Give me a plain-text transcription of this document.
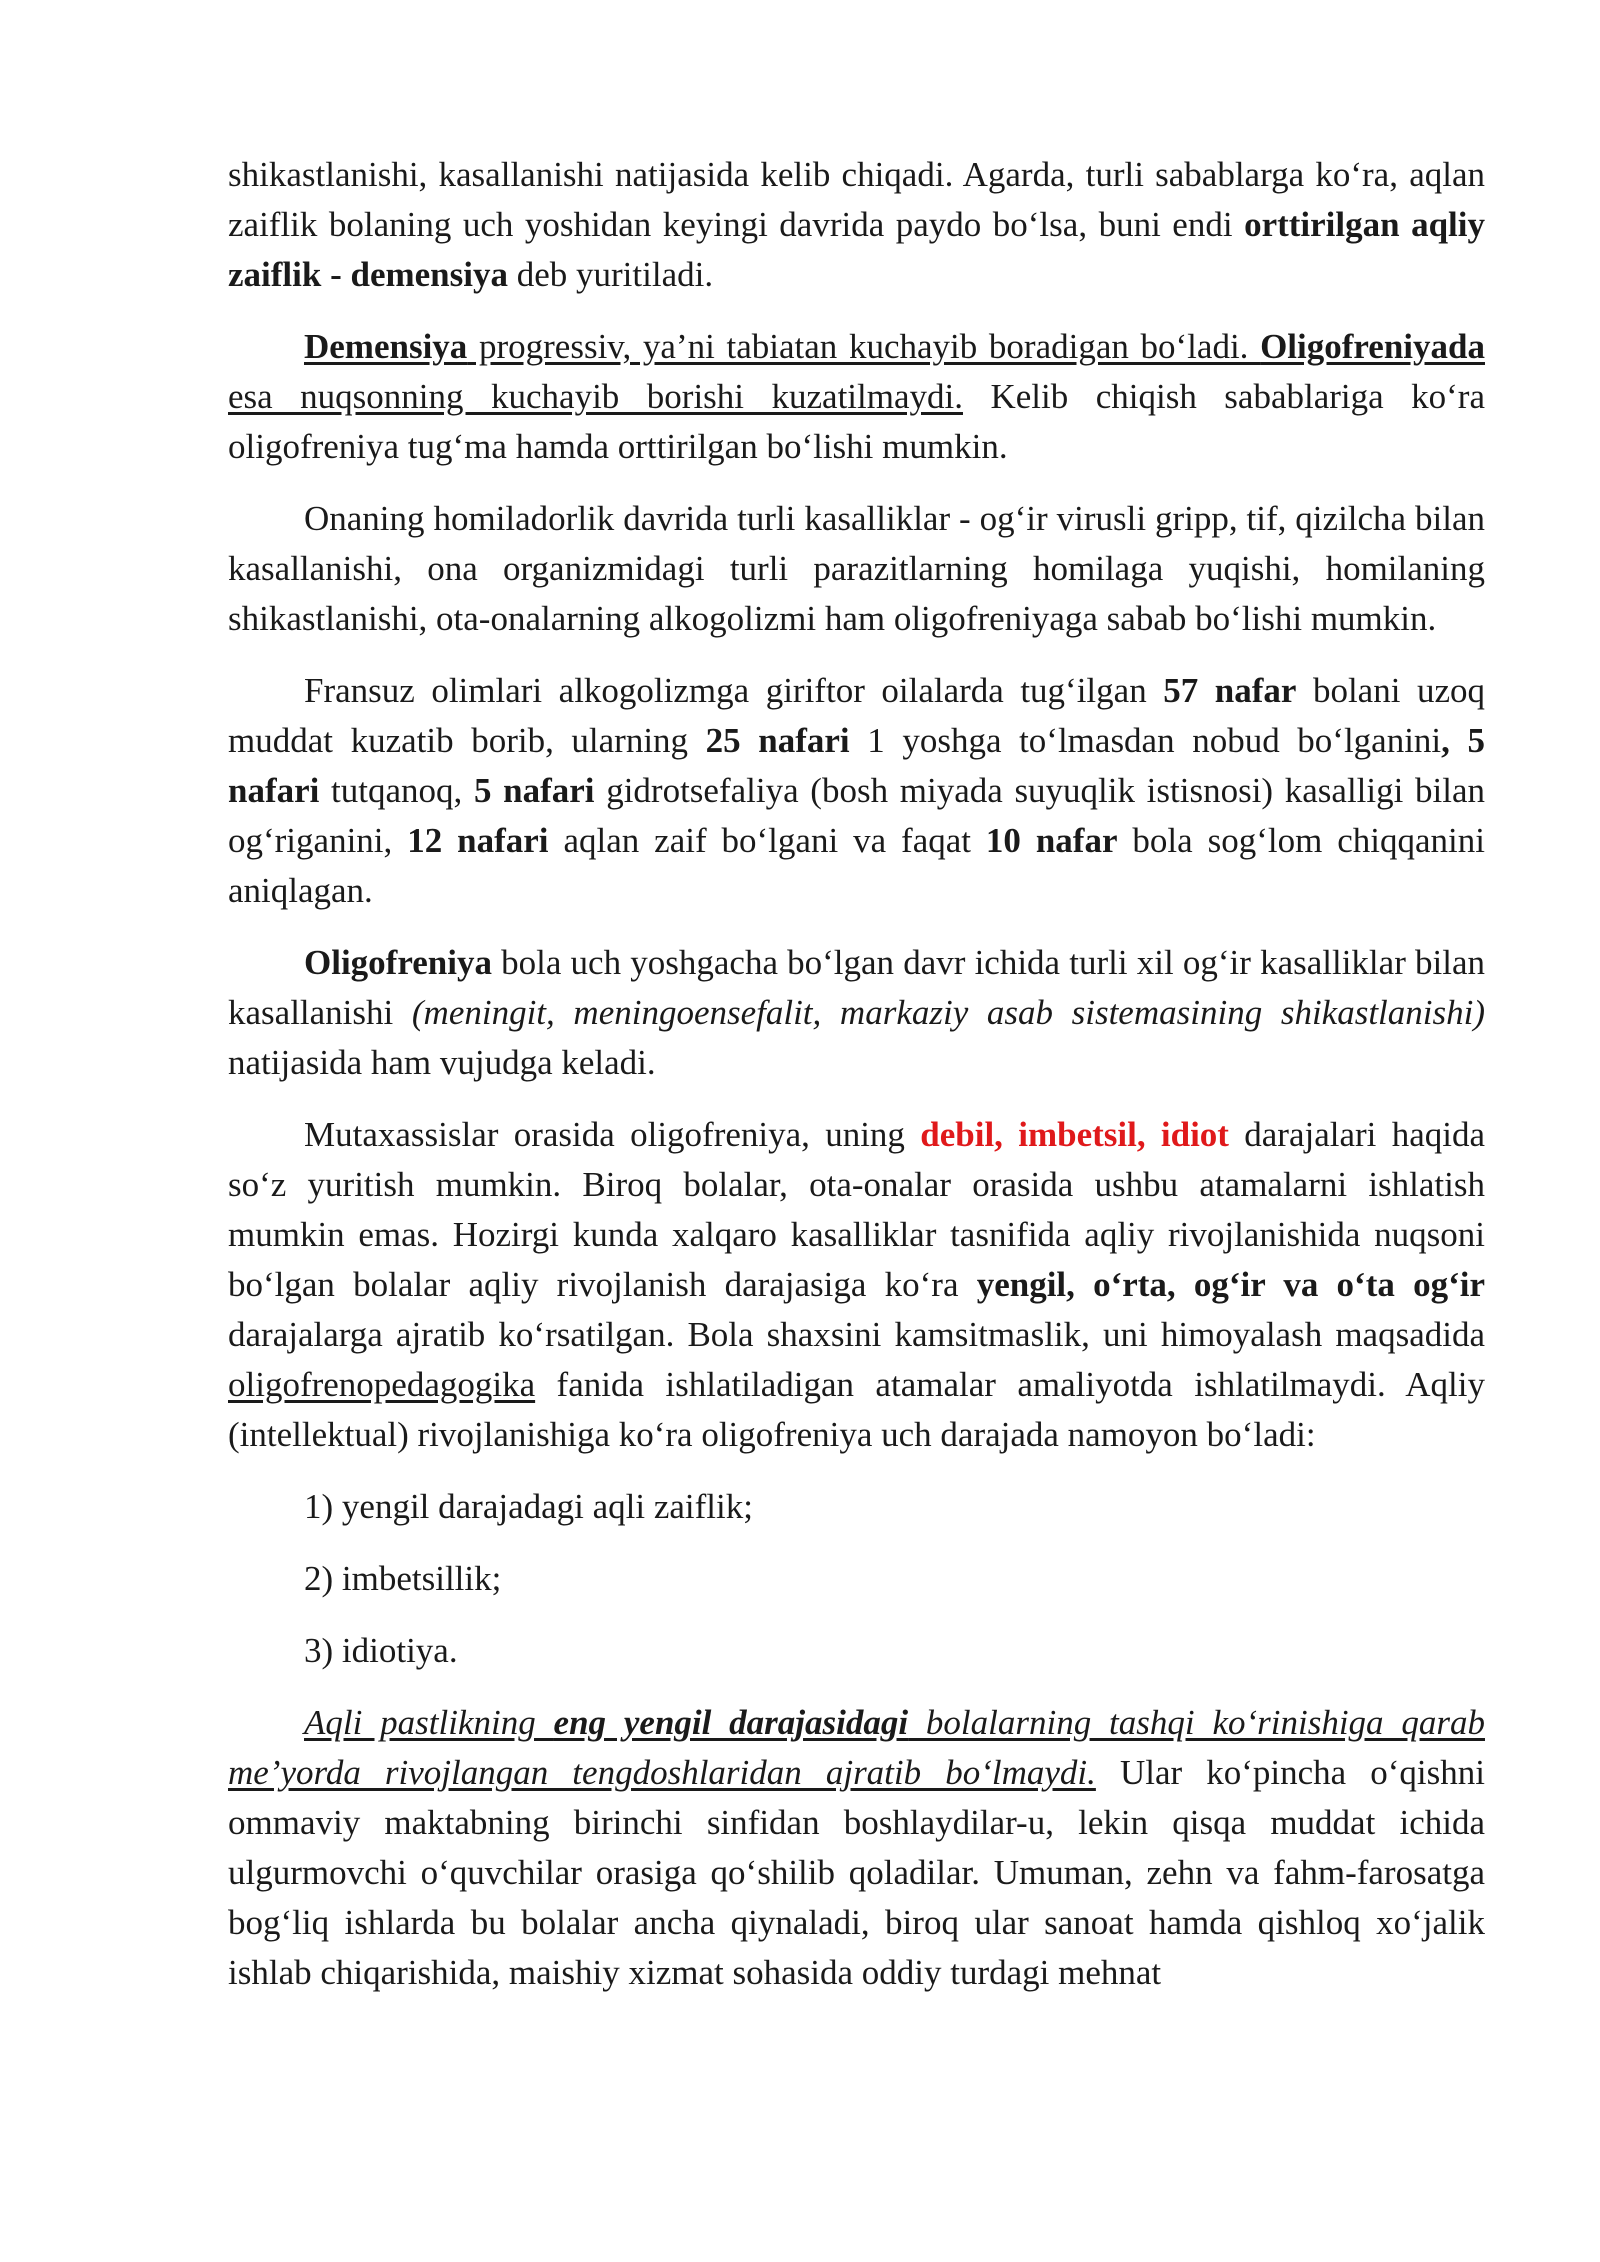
shikastlanishi, kasallanishi natijasida kelib chiqadi. Agarda, turli sabablarga ko‘ra, aqlan zaiflik bolaning uch yoshidan keyingi davrida paydo bo‘lsa, buni endi orttirilgan aqliy zaiflik - demensiya deb yuritiladi.

Demensiya progressiv, ya’ni tabiatan kuchayib boradigan bo‘ladi. Oligofreniyada esa nuqsonning kuchayib borishi kuzatilmaydi. Kelib chiqish sabablariga ko‘ra oligofreniya tug‘ma hamda orttirilgan bo‘lishi mumkin.

Onaning homiladorlik davrida turli kasalliklar - og‘ir virusli gripp, tif, qizilcha bilan kasallanishi, ona organizmidagi turli parazitlarning homilaga yuqishi, homilaning shikastlanishi, ota-onalarning alkogolizmi ham oligofreniyaga sabab bo‘lishi mumkin.

Fransuz olimlari alkogolizmga giriftor oilalarda tug‘ilgan 57 nafar bolani uzoq muddat kuzatib borib, ularning 25 nafari 1 yoshga to‘lmasdan nobud bo‘lganini, 5 nafari tutqanoq, 5 nafari gidrotsefaliya (bosh miyada suyuqlik istisnosi) kasalligi bilan og‘riganini, 12 nafari aqlan zaif bo‘lgani va faqat 10 nafar bola sog‘lom chiqqanini aniqlagan.

Oligofreniya bola uch yoshgacha bo‘lgan davr ichida turli xil og‘ir kasalliklar bilan kasallanishi (meningit, meningoensefalit, markaziy asab sistemasining shikastlanishi) natijasida ham vujudga keladi.

Mutaxassislar orasida oligofreniya, uning debil, imbetsil, idiot darajalari haqida so‘z yuritish mumkin. Biroq bolalar, ota-onalar orasida ushbu atamalarni ishlatish mumkin emas. Hozirgi kunda xalqaro kasalliklar tasnifida aqliy rivojlanishida nuqsoni bo‘lgan bolalar aqliy rivojlanish darajasiga ko‘ra yengil, o‘rta, og‘ir va o‘ta og‘ir darajalarga ajratib ko‘rsatilgan. Bola shaxsini kamsitmaslik, uni himoyalash maqsadida oligofrenopedagogika fanida ishlatiladigan atamalar amaliyotda ishlatilmaydi. Aqliy (intellektual) rivojlanishiga ko‘ra oligofreniya uch darajada namoyon bo‘ladi:

1) yengil darajadagi aqli zaiflik;

2) imbetsillik;

3) idiotiya.

Aqli pastlikning eng yengil darajasidagi bolalarning tashqi ko‘rinishiga qarab me’yorda rivojlangan tengdoshlaridan ajratib bo‘lmaydi. Ular ko‘pincha o‘qishni ommaviy maktabning birinchi sinfidan boshlaydilar-u, lekin qisqa muddat ichida ulgurmovchi o‘quvchilar orasiga qo‘shilib qoladilar. Umuman, zehn va fahm-farosatga bog‘liq ishlarda bu bolalar ancha qiynaladi, biroq ular sanoat hamda qishloq xo‘jalik ishlab chiqarishida, maishiy xizmat sohasida oddiy turdagi mehnat
